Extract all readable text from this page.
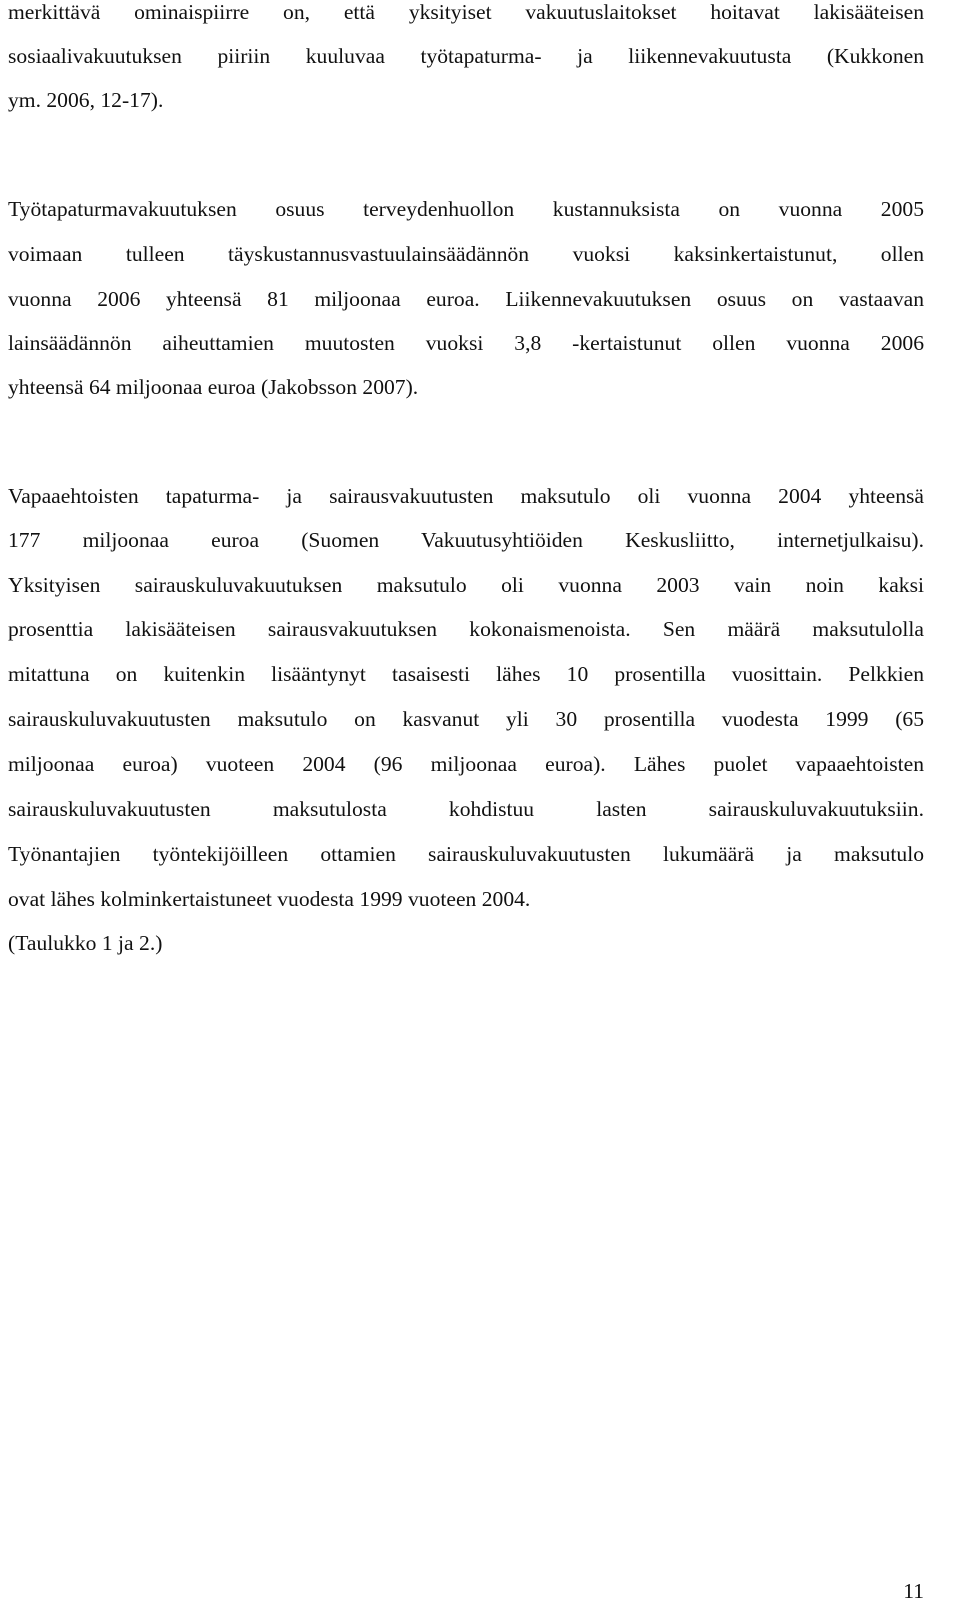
merkittävä ominaispiirre on, että yksityiset vakuutuslaitokset hoitavat lakisääteisen
sosiaalivakuutuksen piiriin kuuluvaa työtapaturma- ja liikennevakuutusta (Kukkonen
ym. 2006, 12-17).
Työtapaturmavakuutuksen osuus terveydenhuollon kustannuksista on vuonna 2005
voimaan tulleen täyskustannusvastuulainsäädännön vuoksi kaksinkertaistunut, ollen
vuonna 2006 yhteensä 81 miljoonaa euroa. Liikennevakuutuksen osuus on vastaavan
lainsäädännön aiheuttamien muutosten vuoksi 3,8 -kertaistunut ollen vuonna 2006
yhteensä 64 miljoonaa euroa (Jakobsson 2007).
Vapaaehtoisten tapaturma- ja sairausvakuutusten maksutulo oli vuonna 2004 yhteensä
177 miljoonaa euroa (Suomen Vakuutusyhtiöiden Keskusliitto, internetjulkaisu).
Yksityisen sairauskuluvakuutuksen maksutulo oli vuonna 2003 vain noin kaksi
prosenttia lakisääteisen sairausvakuutuksen kokonaismenoista. Sen määrä maksutulolla
mitattuna on kuitenkin lisääntynyt tasaisesti lähes 10 prosentilla vuosittain. Pelkkien
sairauskuluvakuutusten maksutulo on kasvanut yli 30 prosentilla vuodesta 1999 (65
miljoonaa euroa) vuoteen 2004 (96 miljoonaa euroa). Lähes puolet vapaaehtoisten
sairauskuluvakuutusten maksutulosta kohdistuu lasten sairauskuluvakuutuksiin.
Työnantajien työntekijöilleen ottamien sairauskuluvakuutusten lukumäärä ja maksutulo
ovat lähes kolminkertaistuneet vuodesta 1999 vuoteen 2004.
(Taulukko 1 ja 2.)
11
